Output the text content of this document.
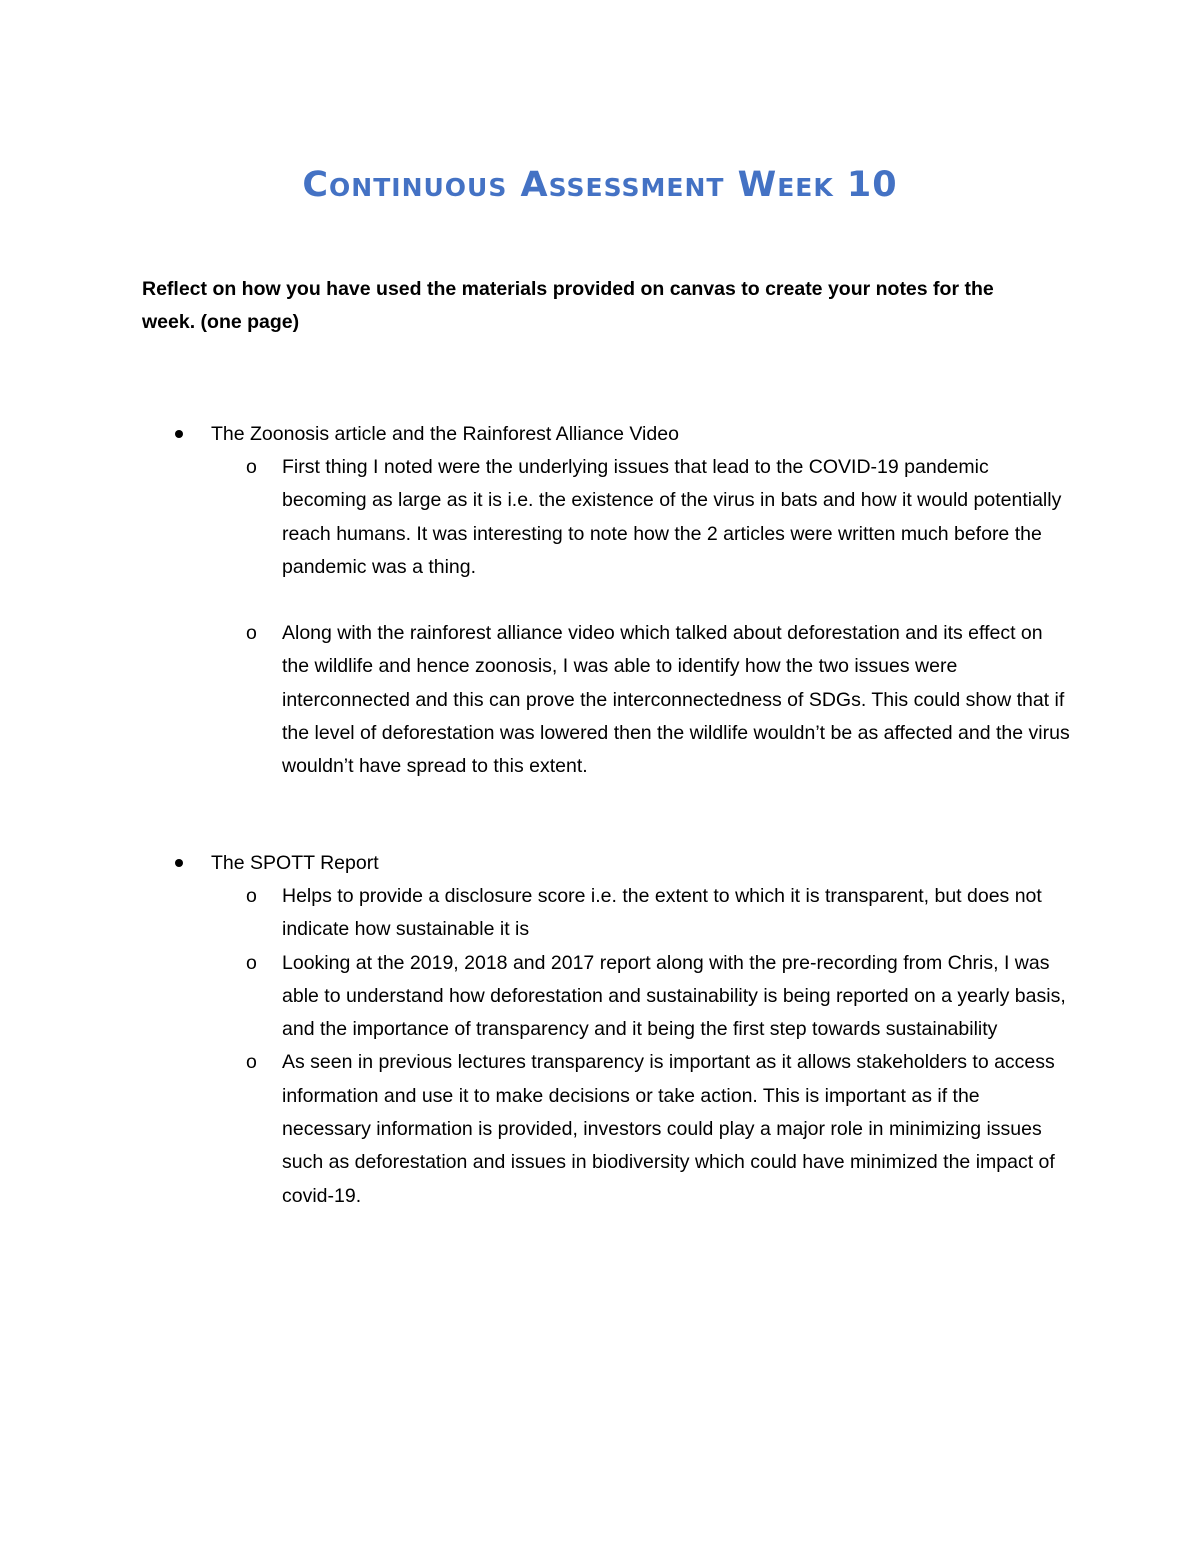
Continuous Assessment Week 10

Reflect on how you have used the materials provided on canvas to create your notes for the week. (one page)

The Zoonosis article and the Rainforest Alliance Video
o First thing I noted were the underlying issues that lead to the COVID-19 pandemic becoming as large as it is i.e. the existence of the virus in bats and how it would potentially reach humans. It was interesting to note how the 2 articles were written much before the pandemic was a thing.

o Along with the rainforest alliance video which talked about deforestation and its effect on the wildlife and hence zoonosis, I was able to identify how the two issues were interconnected and this can prove the interconnectedness of SDGs. This could show that if the level of deforestation was lowered then the wildlife wouldn’t be as affected and the virus wouldn’t have spread to this extent.

The SPOTT Report
o Helps to provide a disclosure score i.e. the extent to which it is transparent, but does not indicate how sustainable it is

o Looking at the 2019, 2018 and 2017 report along with the pre-recording from Chris, I was able to understand how deforestation and sustainability is being reported on a yearly basis, and the importance of transparency and it being the first step towards sustainability

o As seen in previous lectures transparency is important as it allows stakeholders to access information and use it to make decisions or take action. This is important as if the necessary information is provided, investors could play a major role in minimizing issues such as deforestation and issues in biodiversity which could have minimized the impact of covid-19.
